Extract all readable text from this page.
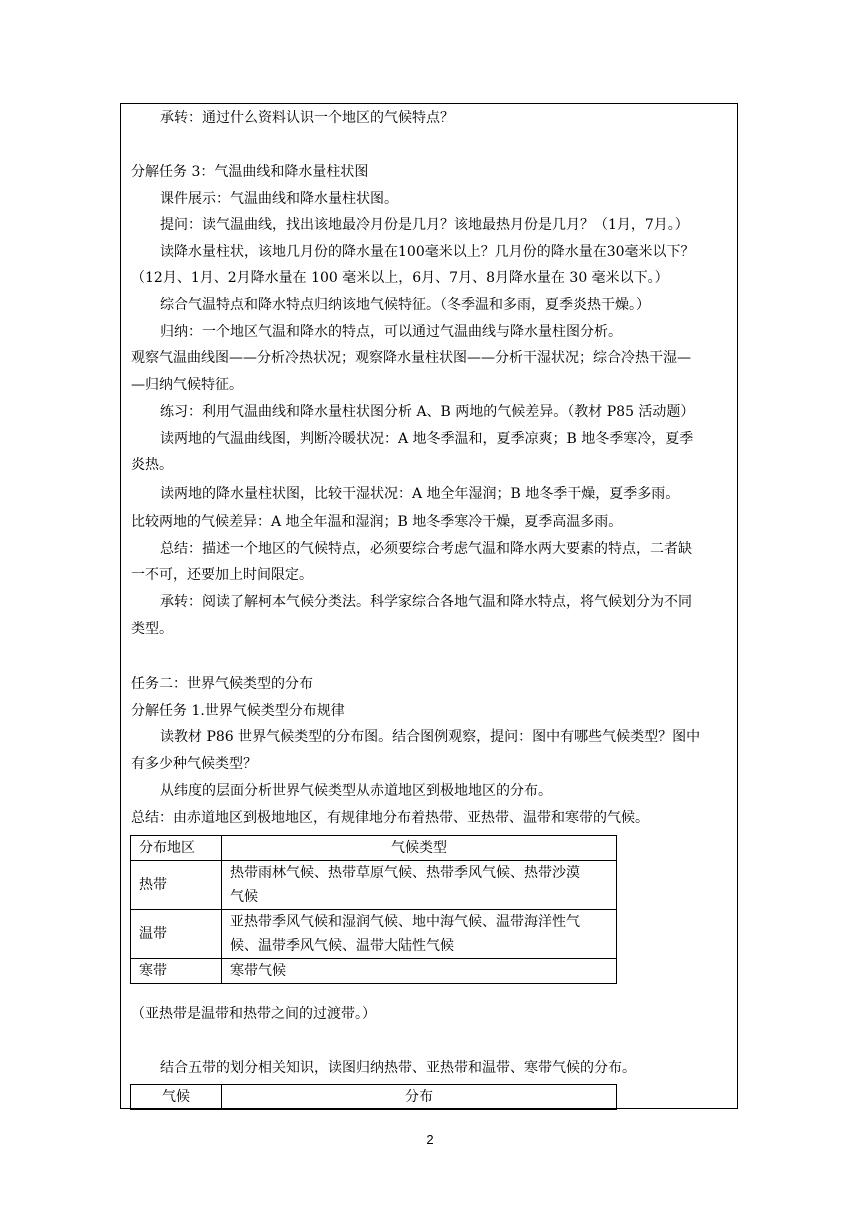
承转：通过什么资料认识一个地区的气候特点？
分解任务 3：气温曲线和降水量柱状图
课件展示：气温曲线和降水量柱状图。
提问：读气温曲线，找出该地最冷月份是几月？该地最热月份是几月？（1月，7月。）
读降水量柱状，该地几月份的降水量在100毫米以上？几月份的降水量在30毫米以下？
（12月、1月、2月降水量在 100 毫米以上，6月、7月、8月降水量在 30 毫米以下。）
综合气温特点和降水特点归纳该地气候特征。（冬季温和多雨，夏季炎热干燥。）
归纳：一个地区气温和降水的特点，可以通过气温曲线与降水量柱图分析。
观察气温曲线图——分析冷热状况；观察降水量柱状图——分析干湿状况；综合冷热干湿—
—归纳气候特征。
练习：利用气温曲线和降水量柱状图分析 A、B 两地的气候差异。（教材 P85 活动题）
读两地的气温曲线图，判断冷暖状况：A 地冬季温和，夏季凉爽；B 地冬季寒冷，夏季
炎热。
读两地的降水量柱状图，比较干湿状况：A 地全年湿润；B 地冬季干燥，夏季多雨。
比较两地的气候差异：A 地全年温和湿润；B 地冬季寒冷干燥，夏季高温多雨。
总结：描述一个地区的气候特点，必须要综合考虑气温和降水两大要素的特点，二者缺
一不可，还要加上时间限定。
承转：阅读了解柯本气候分类法。科学家综合各地气温和降水特点，将气候划分为不同
类型。
任务二：世界气候类型的分布
分解任务 1.世界气候类型分布规律
读教材 P86 世界气候类型的分布图。结合图例观察，提问：图中有哪些气候类型？图中
有多少种气候类型？
从纬度的层面分析世界气候类型从赤道地区到极地地区的分布。
总结：由赤道地区到极地地区，有规律地分布着热带、亚热带、温带和寒带的气候。
分布地区	气候类型
热带	热带雨林气候、热带草原气候、热带季风气候、热带沙漠
气候
温带	亚热带季风气候和湿润气候、地中海气候、温带海洋性气
候、温带季风气候、温带大陆性气候
寒带	寒带气候
（亚热带是温带和热带之间的过渡带。）
结合五带的划分相关知识，读图归纳热带、亚热带和温带、寒带气候的分布。
气候	分布
2
